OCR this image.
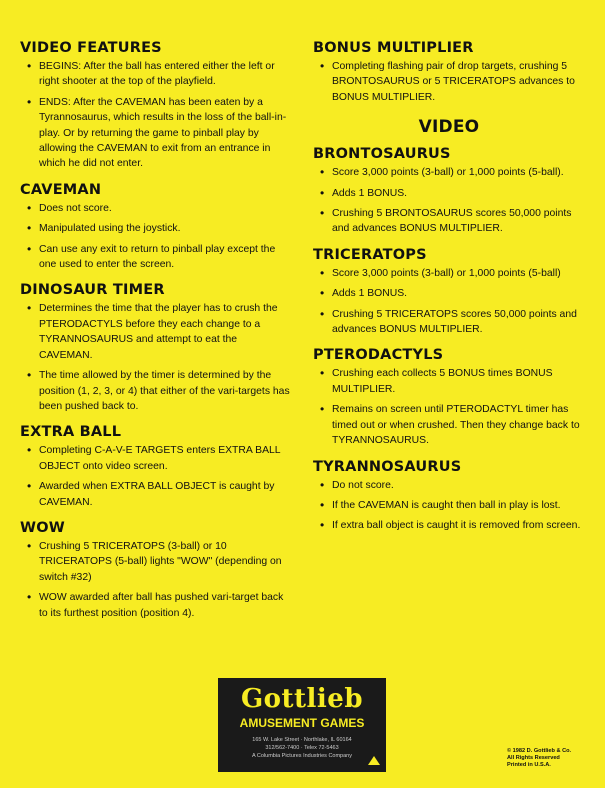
VIDEO FEATURES
• BEGINS: After the ball has entered either the left or right shooter at the top of the playfield.
• ENDS: After the CAVEMAN has been eaten by a Tyrannosaurus, which results in the loss of the ball-in-play. Or by returning the game to pinball play by allowing the CAVEMAN to exit from an entrance in which he did not enter.
CAVEMAN
• Does not score.
• Manipulated using the joystick.
• Can use any exit to return to pinball play except the one used to enter the screen.
DINOSAUR TIMER
• Determines the time that the player has to crush the PTERODACTYLS before they each change to a TYRANNOSAURUS and attempt to eat the CAVEMAN.
• The time allowed by the timer is determined by the position (1, 2, 3, or 4) that either of the vari-targets has been pushed back to.
EXTRA BALL
• Completing C-A-V-E TARGETS enters EXTRA BALL OBJECT onto video screen.
• Awarded when EXTRA BALL OBJECT is caught by CAVEMAN.
WOW
• Crushing 5 TRICERATOPS (3-ball) or 10 TRICERATOPS (5-ball) lights "WOW" (depending on switch #32)
• WOW awarded after ball has pushed vari-target back to its furthest position (position 4).
BONUS MULTIPLIER
• Completing flashing pair of drop targets, crushing 5 BRONTOSAURUS or 5 TRICERATOPS advances to BONUS MULTIPLIER.
VIDEO
BRONTOSAURUS
• Score 3,000 points (3-ball) or 1,000 points (5-ball).
• Adds 1 BONUS.
• Crushing 5 BRONTOSAURUS scores 50,000 points and advances BONUS MULTIPLIER.
TRICERATOPS
• Score 3,000 points (3-ball) or 1,000 points (5-ball)
• Adds 1 BONUS.
• Crushing 5 TRICERATOPS scores 50,000 points and advances BONUS MULTIPLIER.
PTERODACTYLS
• Crushing each collects 5 BONUS times BONUS MULTIPLIER.
• Remains on screen until PTERODACTYL timer has timed out or when crushed. Then they change back to TYRANNOSAURUS.
TYRANNOSAURUS
• Do not score.
• If the CAVEMAN is caught then ball in play is lost.
• If extra ball object is caught it is removed from screen.
Gottlieb
AMUSEMENT GAMES
165 W. Lake Street · Northlake, IL 60164
312/562-7400 · Telex 72-5463
A Columbia Pictures Industries Company
© 1982 D. Gottlieb & Co.
All Rights Reserved
Printed in U.S.A.
